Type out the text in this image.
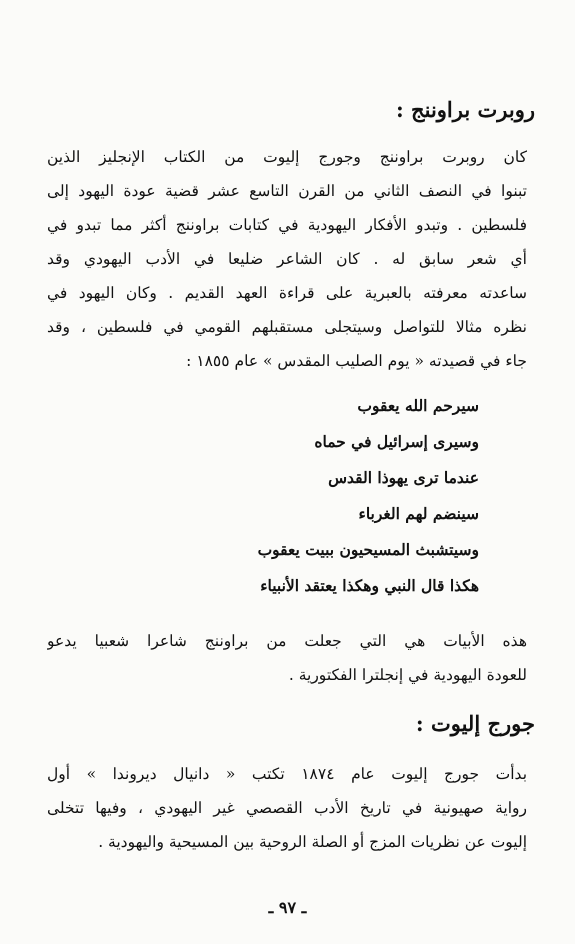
روبرت براوننج :
كان روبرت براوننج وجورج إليوت من الكتاب الإنجليز الذين
تبنوا في النصف الثاني من القرن التاسع عشر قضية عودة اليهود إلى
فلسطين . وتبدو الأفكار اليهودية في كتابات براوننج أكثر مما تبدو في
أي شعر سابق له . كان الشاعر ضليعا في الأدب اليهودي وقد
ساعدته معرفته بالعبرية على قراءة العهد القديم . وكان اليهود في
نظره مثالا للتواصل وسيتجلى مستقبلهم القومي في فلسطين ، وقد
جاء في قصيدته « يوم الصليب المقدس » عام ١٨٥٥ :
سيرحم الله يعقوب
وسيرى إسرائيل في حماه
عندما ترى يهوذا القدس
سينضم لهم الغرباء
وسيتشبث المسيحيون ببيت يعقوب
هكذا قال النبي وهكذا يعتقد الأنبياء
هذه الأبيات هي التي جعلت من براوننج شاعرا شعبيا يدعو
للعودة اليهودية في إنجلترا الفكتورية .
جورج إليوت :
بدأت جورج إليوت عام ١٨٧٤ تكتب « دانيال ديروندا » أول
رواية صهيونية في تاريخ الأدب القصصي غير اليهودي ، وفيها تتخلى
إليوت عن نظريات المزج أو الصلة الروحية بين المسيحية واليهودية .
ـ ٩٧ ـ
